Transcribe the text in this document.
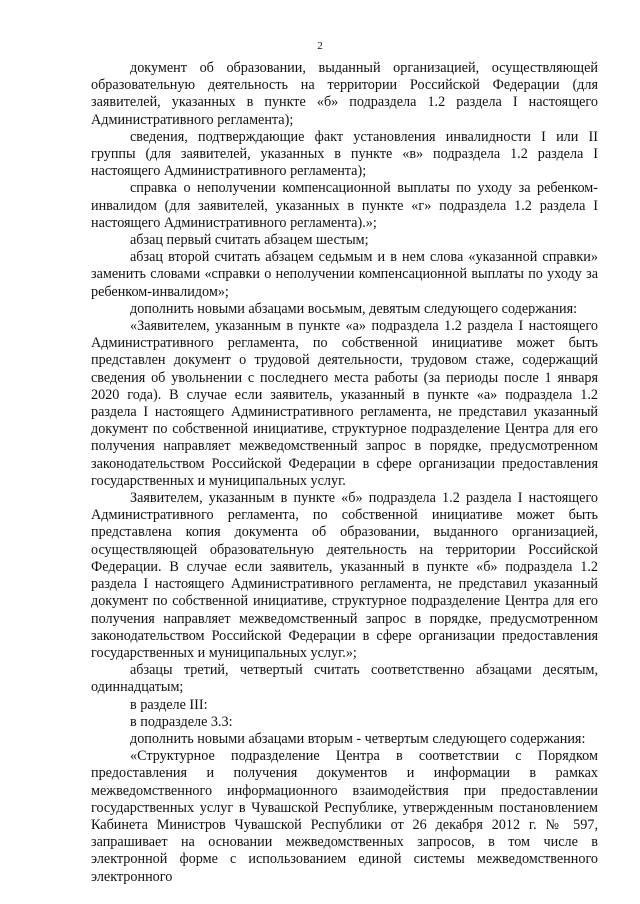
2

документ об образовании, выданный организацией, осуществляющей образовательную деятельность на территории Российской Федерации (для заявителей, указанных в пункте «б» подраздела 1.2 раздела I настоящего Административного регламента);

сведения, подтверждающие факт установления инвалидности I или II группы (для заявителей, указанных в пункте «в» подраздела 1.2 раздела I настоящего Административного регламента);

справка о неполучении компенсационной выплаты по уходу за ребенком-инвалидом (для заявителей, указанных в пункте «г» подраздела 1.2 раздела I настоящего Административного регламента).»;

абзац первый считать абзацем шестым;

абзац второй считать абзацем седьмым и в нем слова «указанной справки» заменить словами «справки о неполучении компенсационной выплаты по уходу за ребенком-инвалидом»;

дополнить новыми абзацами восьмым, девятым следующего содержания:

«Заявителем, указанным в пункте «а» подраздела 1.2 раздела I настоящего Административного регламента, по собственной инициативе может быть представлен документ о трудовой деятельности, трудовом стаже, содержащий сведения об увольнении с последнего места работы (за периоды после 1 января 2020 года). В случае если заявитель, указанный в пункте «а» подраздела 1.2 раздела I настоящего Административного регламента, не представил указанный документ по собственной инициативе, структурное подразделение Центра для его получения направляет межведомственный запрос в порядке, предусмотренном законодательством Российской Федерации в сфере организации предоставления государственных и муниципальных услуг.

Заявителем, указанным в пункте «б» подраздела 1.2 раздела I настоящего Административного регламента, по собственной инициативе может быть представлена копия документа об образовании, выданного организацией, осуществляющей образовательную деятельность на территории Российской Федерации. В случае если заявитель, указанный в пункте «б» подраздела 1.2 раздела I настоящего Административного регламента, не представил указанный документ по собственной инициативе, структурное подразделение Центра для его получения направляет межведомственный запрос в порядке, предусмотренном законодательством Российской Федерации в сфере организации предоставления государственных и муниципальных услуг.»;

абзацы третий, четвертый считать соответственно абзацами десятым, одиннадцатым;

в разделе III:

в подразделе 3.3:

дополнить новыми абзацами вторым - четвертым следующего содержания:

«Структурное подразделение Центра в соответствии с Порядком предоставления и получения документов и информации в рамках межведомственного информационного взаимодействия при предоставлении государственных услуг в Чувашской Республике, утвержденным постановлением Кабинета Министров Чувашской Республики от 26 декабря 2012 г. № 597, запрашивает на основании межведомственных запросов, в том числе в электронной форме с использованием единой системы межведомственного электронного
